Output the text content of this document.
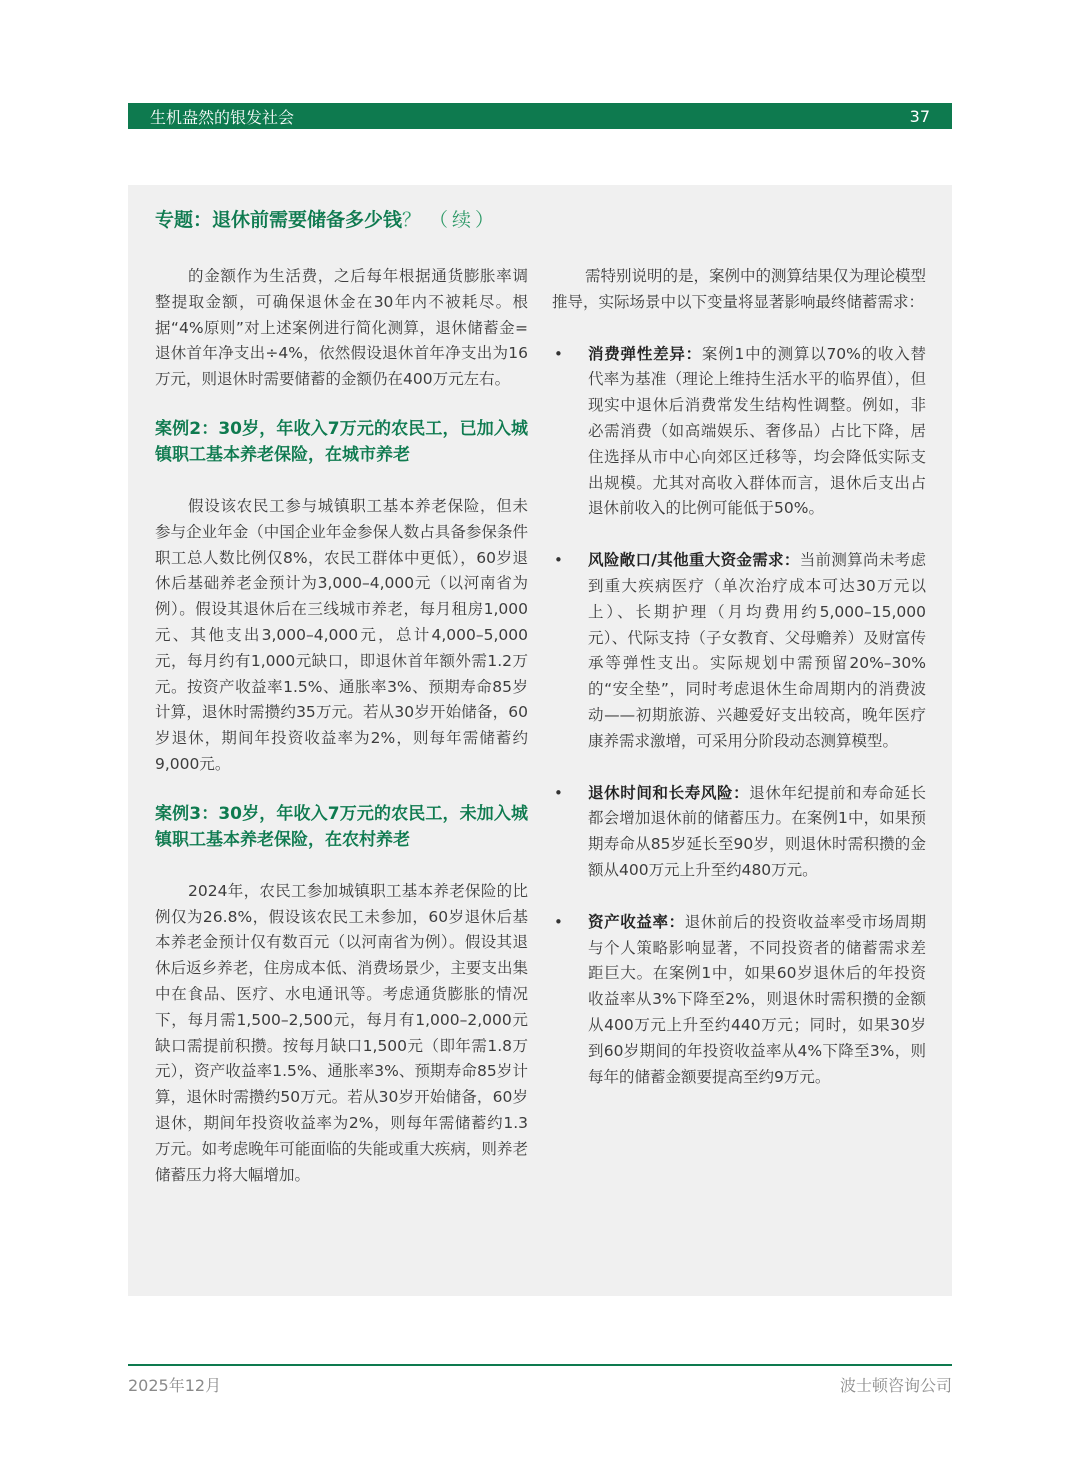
生机盎然的银发社会	37
专题：退休前需要储备多少钱？ （续）

的金额作为生活费，之后每年根据通货膨胀率调整提取金额，可确保退休金在30年内不被耗尽。根据“4%原则”对上述案例进行简化测算，退休储蓄金=退休首年净支出÷4%，依然假设退休首年净支出为16万元，则退休时需要储蓄的金额仍在400万元左右。

案例2：30岁，年收入7万元的农民工，已加入城镇职工基本养老保险，在城市养老

假设该农民工参与城镇职工基本养老保险，但未参与企业年金（中国企业年金参保人数占具备参保条件职工总人数比例仅8%，农民工群体中更低），60岁退休后基础养老金预计为3,000–4,000元（以河南省为例）。假设其退休后在三线城市养老，每月租房1,000元、其他支出3,000–4,000元，总计4,000–5,000元，每月约有1,000元缺口，即退休首年额外需1.2万元。按资产收益率1.5%、通胀率3%、预期寿命85岁计算，退休时需攒约35万元。若从30岁开始储备，60岁退休，期间年投资收益率为2%，则每年需储蓄约9,000元。

案例3：30岁，年收入7万元的农民工，未加入城镇职工基本养老保险，在农村养老

2024年，农民工参加城镇职工基本养老保险的比例仅为26.8%，假设该农民工未参加，60岁退休后基本养老金预计仅有数百元（以河南省为例）。假设其退休后返乡养老，住房成本低、消费场景少，主要支出集中在食品、医疗、水电通讯等。考虑通货膨胀的情况下，每月需1,500–2,500元，每月有1,000–2,000元缺口需提前积攒。按每月缺口1,500元（即年需1.8万元），资产收益率1.5%、通胀率3%、预期寿命85岁计算，退休时需攒约50万元。若从30岁开始储备，60岁退休，期间年投资收益率为2%，则每年需储蓄约1.3万元。如考虑晚年可能面临的失能或重大疾病，则养老储蓄压力将大幅增加。

需特别说明的是，案例中的测算结果仅为理论模型推导，实际场景中以下变量将显著影响最终储蓄需求：

• 消费弹性差异：案例1中的测算以70%的收入替代率为基准（理论上维持生活水平的临界值），但现实中退休后消费常发生结构性调整。例如，非必需消费（如高端娱乐、奢侈品）占比下降，居住选择从市中心向郊区迁移等，均会降低实际支出规模。尤其对高收入群体而言，退休后支出占退休前收入的比例可能低于50%。

• 风险敞口/其他重大资金需求：当前测算尚未考虑到重大疾病医疗（单次治疗成本可达30万元以上）、长期护理（月均费用约5,000–15,000元）、代际支持（子女教育、父母赡养）及财富传承等弹性支出。实际规划中需预留20%–30%的“安全垫”，同时考虑退休生命周期内的消费波动——初期旅游、兴趣爱好支出较高，晚年医疗康养需求激增，可采用分阶段动态测算模型。

• 退休时间和长寿风险：退休年纪提前和寿命延长都会增加退休前的储蓄压力。在案例1中，如果预期寿命从85岁延长至90岁，则退休时需积攒的金额从400万元上升至约480万元。

• 资产收益率：退休前后的投资收益率受市场周期与个人策略影响显著，不同投资者的储蓄需求差距巨大。在案例1中，如果60岁退休后的年投资收益率从3%下降至2%，则退休时需积攒的金额从400万元上升至约440万元；同时，如果30岁到60岁期间的年投资收益率从4%下降至3%，则每年的储蓄金额要提高至约9万元。

2025年12月	波士顿咨询公司
